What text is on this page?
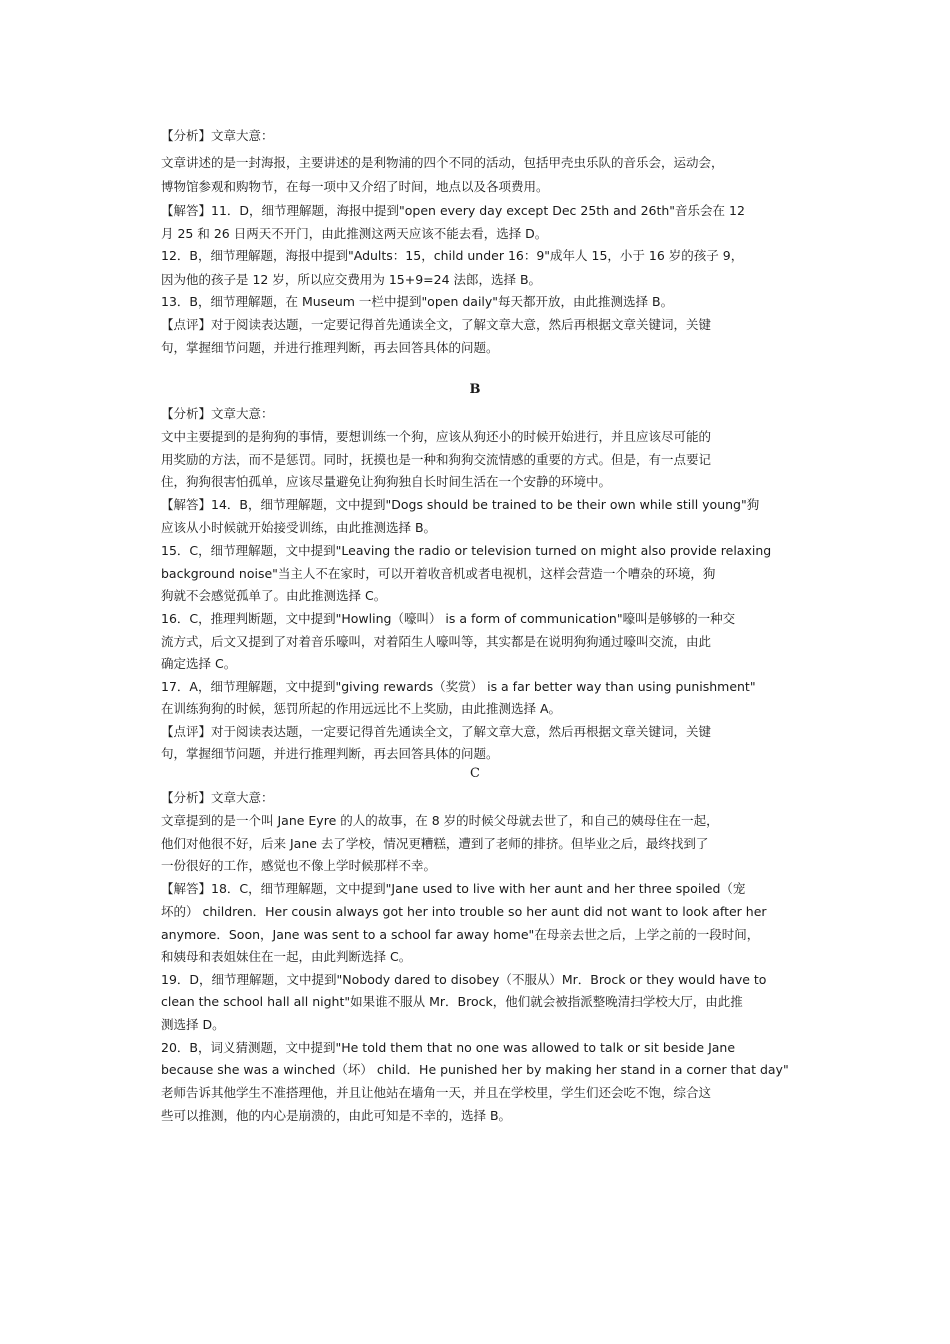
【分析】文章大意：
文章讲述的是一封海报，主要讲述的是利物浦的四个不同的活动，包括甲壳虫乐队的音乐会，运动会，
博物馆参观和购物节，在每一项中又介绍了时间，地点以及各项费用。
【解答】11．D，细节理解题，海报中提到"open every day except Dec 25th and 26th"音乐会在 12
月 25 和 26 日两天不开门，由此推测这两天应该不能去看，选择 D。
12．B，细节理解题，海报中提到"Adults：15，child under 16：9"成年人 15，小于 16 岁的孩子 9，
因为他的孩子是 12 岁，所以应交费用为 15+9=24 法郎，选择 B。
13．B，细节理解题，在 Museum 一栏中提到"open daily"每天都开放，由此推测选择 B。
【点评】对于阅读表达题，一定要记得首先通读全文，了解文章大意，然后再根据文章关键词，关键
句，掌握细节问题，并进行推理判断，再去回答具体的问题。
B
【分析】文章大意：
文中主要提到的是狗狗的事情，要想训练一个狗，应该从狗还小的时候开始进行，并且应该尽可能的
用奖励的方法，而不是惩罚。同时，抚摸也是一种和狗狗交流情感的重要的方式。但是，有一点要记
住，狗狗很害怕孤单，应该尽量避免让狗狗独自长时间生活在一个安静的环境中。
【解答】14．B，细节理解题，文中提到"Dogs should be trained to be their own while still young"狗
应该从小时候就开始接受训练，由此推测选择 B。
15．C，细节理解题，文中提到"Leaving the radio or television turned on might also provide relaxing
background noise"当主人不在家时，可以开着收音机或者电视机，这样会营造一个嘈杂的环境，狗
狗就不会感觉孤单了。由此推测选择 C。
16．C，推理判断题，文中提到"Howling（嚎叫） is a form of communication"嚎叫是够够的一种交
流方式，后文又提到了对着音乐嚎叫，对着陌生人嚎叫等，其实都是在说明狗狗通过嚎叫交流，由此
确定选择 C。
17．A，细节理解题，文中提到"giving rewards（奖赏） is a far better way than using punishment"
在训练狗狗的时候，惩罚所起的作用远远比不上奖励，由此推测选择 A。
【点评】对于阅读表达题，一定要记得首先通读全文，了解文章大意，然后再根据文章关键词，关键
句，掌握细节问题，并进行推理判断，再去回答具体的问题。
C
【分析】文章大意：
文章提到的是一个叫 Jane Eyre 的人的故事，在 8 岁的时候父母就去世了，和自己的姨母住在一起，
他们对他很不好，后来 Jane 去了学校，情况更糟糕，遭到了老师的排挤。但毕业之后，最终找到了
一份很好的工作，感觉也不像上学时候那样不幸。
【解答】18．C，细节理解题，文中提到"Jane used to live with her aunt and her three spoiled（宠
坏的） children．Her cousin always got her into trouble so her aunt did not want to look after her
anymore．Soon，Jane was sent to a school far away home"在母亲去世之后，上学之前的一段时间，
和姨母和表姐妹住在一起，由此判断选择 C。
19．D，细节理解题，文中提到"Nobody dared to disobey（不服从）Mr．Brock or they would have to
clean the school hall all night"如果谁不服从 Mr．Brock，他们就会被指派整晚清扫学校大厅，由此推
测选择 D。
20．B，词义猜测题，文中提到"He told them that no one was allowed to talk or sit beside Jane
because she was a winched（坏） child．He punished her by making her stand in a corner that day"
老师告诉其他学生不准搭理他，并且让他站在墙角一天，并且在学校里，学生们还会吃不饱，综合这
些可以推测，他的内心是崩溃的，由此可知是不幸的，选择 B。
